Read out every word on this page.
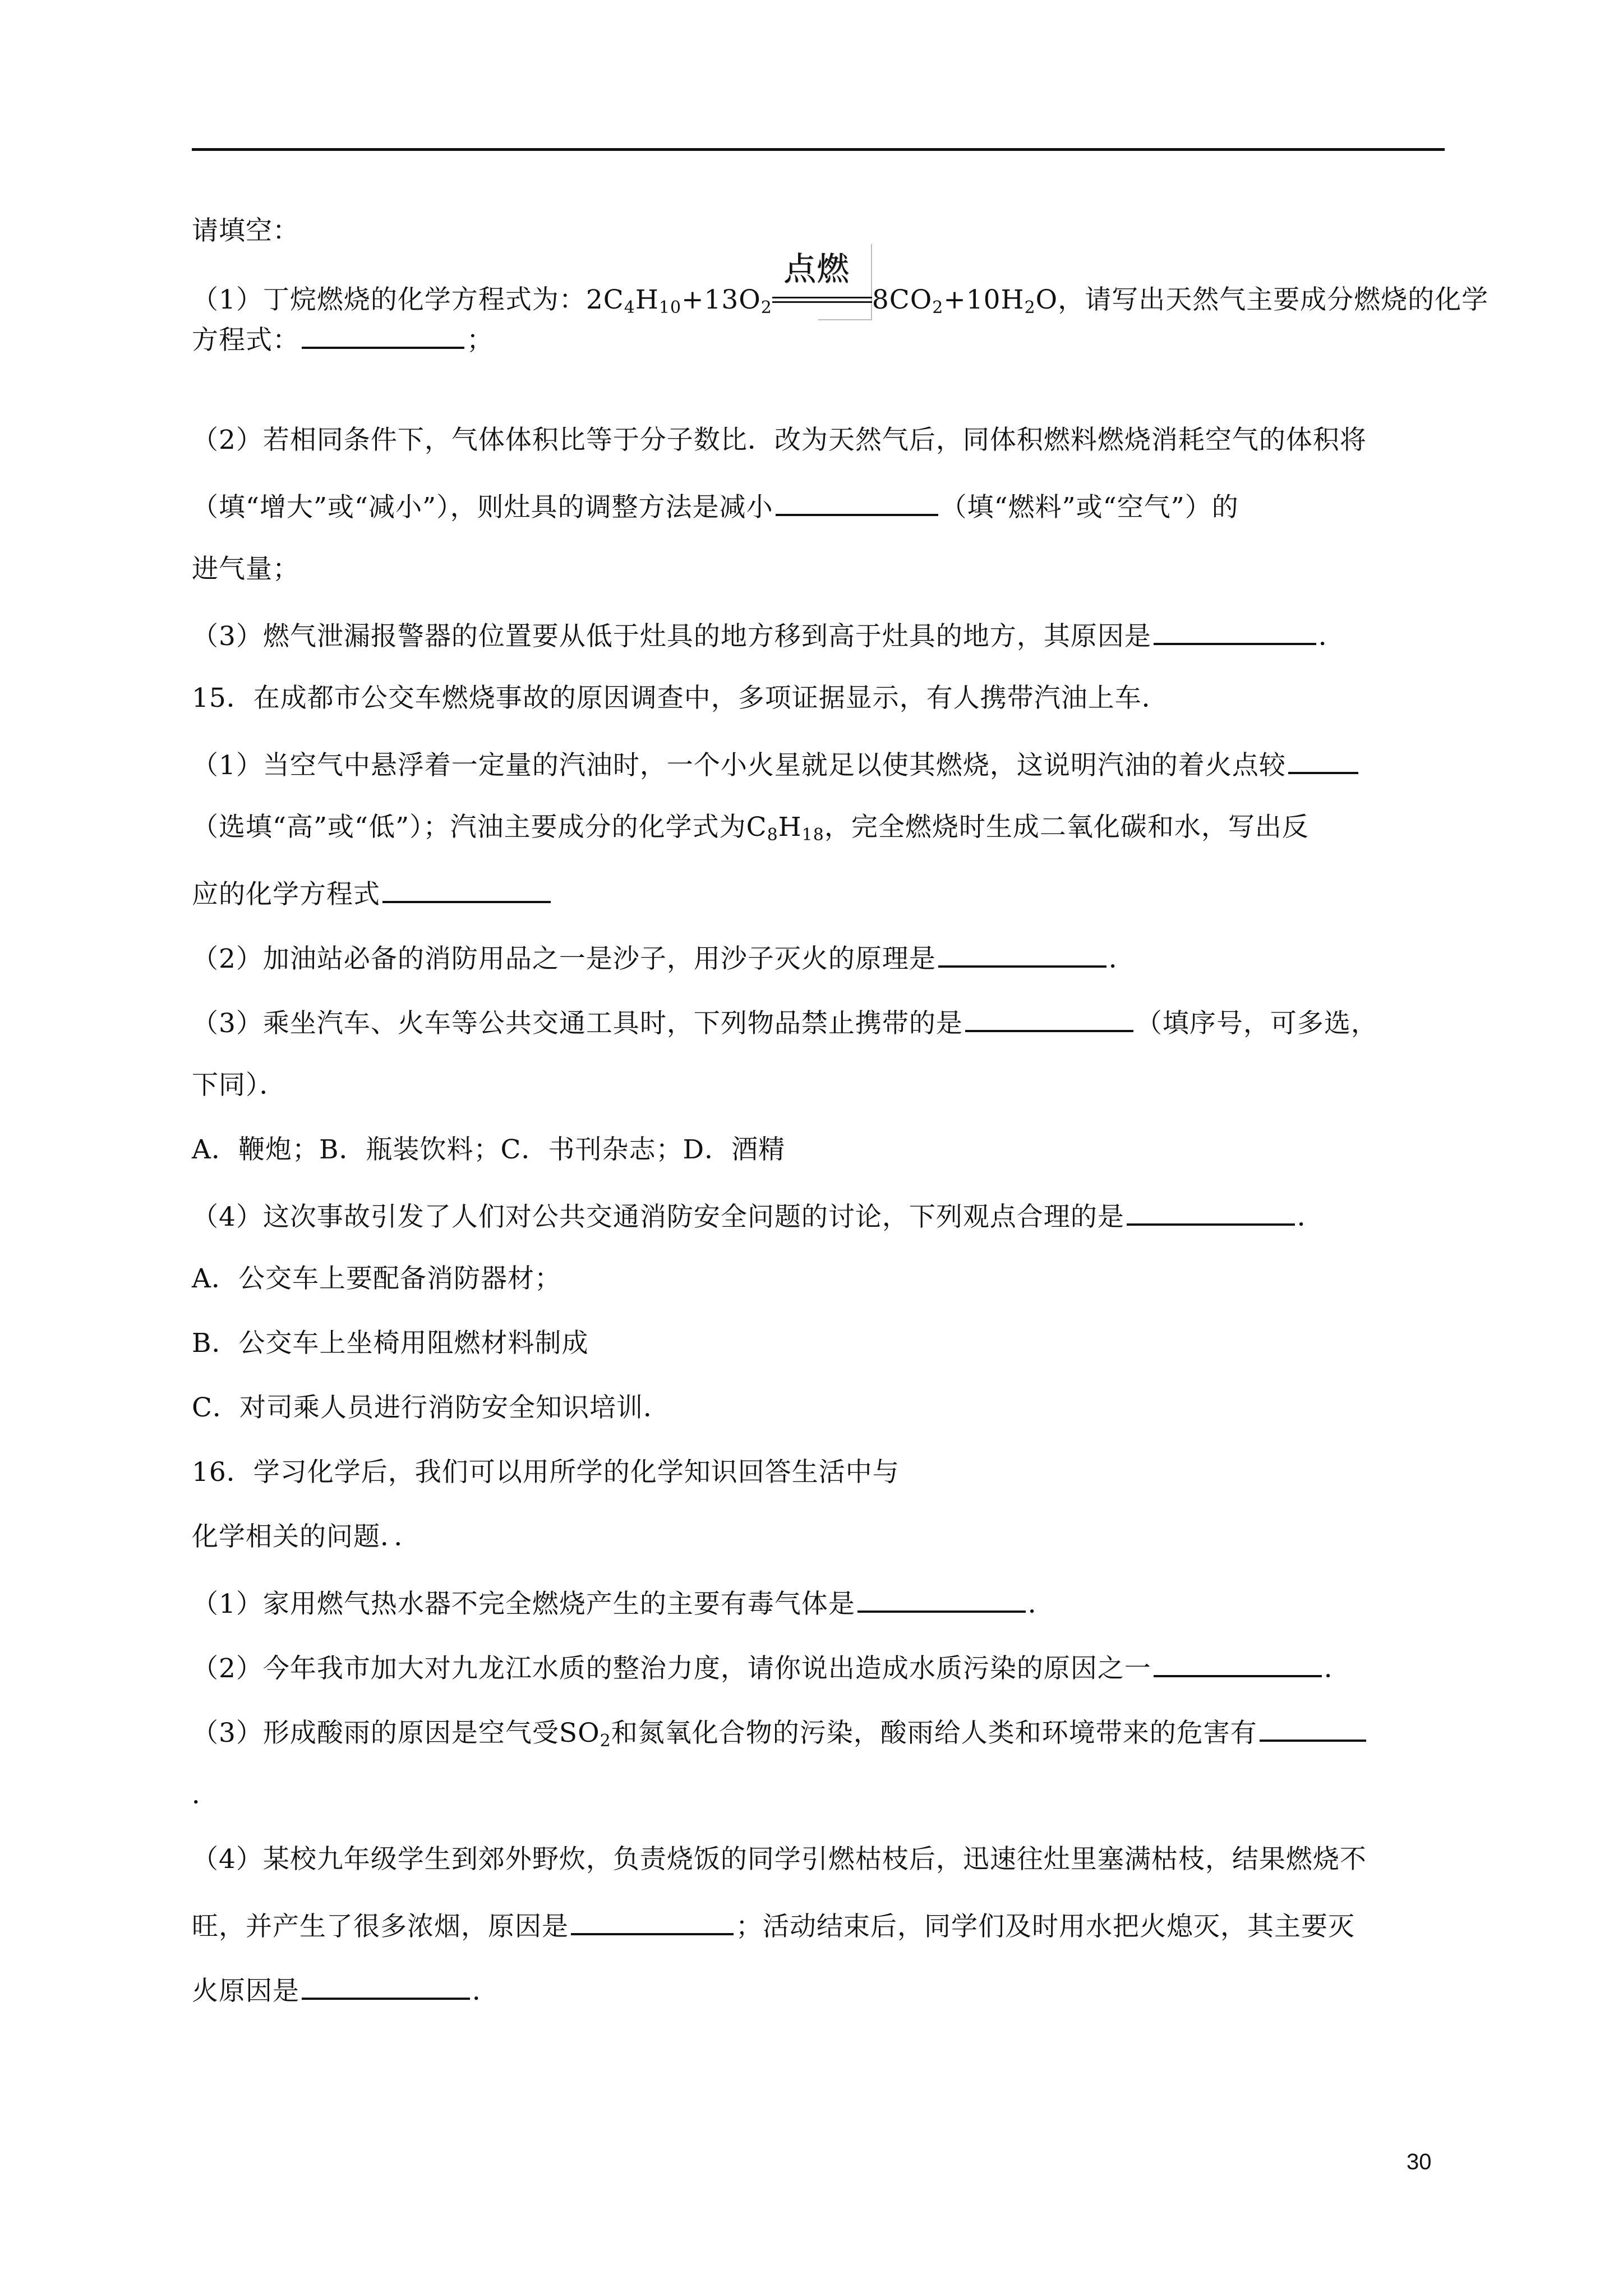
请填空：
（1）丁烷燃烧的化学方程式为：$2C_4H_{10}+13O_2$
点燃
$8CO_2+10H_2O$，请写出天然气主要成分燃烧的化学
方程式：	；
（2）若相同条件下，气体体积比等于分子数比．改为天然气后，同体积燃料燃烧消耗空气的体积将
（填“增大”或“减小”），则灶具的调整方法是减小	（填“燃料”或“空气”）的
进气量；
（3）燃气泄漏报警器的位置要从低于灶具的地方移到高于灶具的地方，其原因是	．
15．在成都市公交车燃烧事故的原因调查中，多项证据显示，有人携带汽油上车．
（1）当空气中悬浮着一定量的汽油时，一个小火星就足以使其燃烧，这说明汽油的着火点较
（选填“高”或“低”）；汽油主要成分的化学式为$C_8H_{18}$，完全燃烧时生成二氧化碳和水，写出反
应的化学方程式
（2）加油站必备的消防用品之一是沙子，用沙子灭火的原理是	．
（3）乘坐汽车、火车等公共交通工具时，下列物品禁止携带的是	（填序号，可多选，
下同）．
A．鞭炮；B．瓶装饮料；C．书刊杂志；D．酒精
（4）这次事故引发了人们对公共交通消防安全问题的讨论，下列观点合理的是	．
A．公交车上要配备消防器材；
B．公交车上坐椅用阻燃材料制成
C．对司乘人员进行消防安全知识培训．
16．学习化学后，我们可以用所学的化学知识回答生活中与
化学相关的问题．．
（1）家用燃气热水器不完全燃烧产生的主要有毒气体是	．
（2）今年我市加大对九龙江水质的整治力度，请你说出造成水质污染的原因之一	．
（3）形成酸雨的原因是空气受$SO_2$和氮氧化合物的污染，酸雨给人类和环境带来的危害有
．
（4）某校九年级学生到郊外野炊，负责烧饭的同学引燃枯枝后，迅速往灶里塞满枯枝，结果燃烧不
旺，并产生了很多浓烟，原因是	；活动结束后，同学们及时用水把火熄灭，其主要灭
火原因是	．
30
